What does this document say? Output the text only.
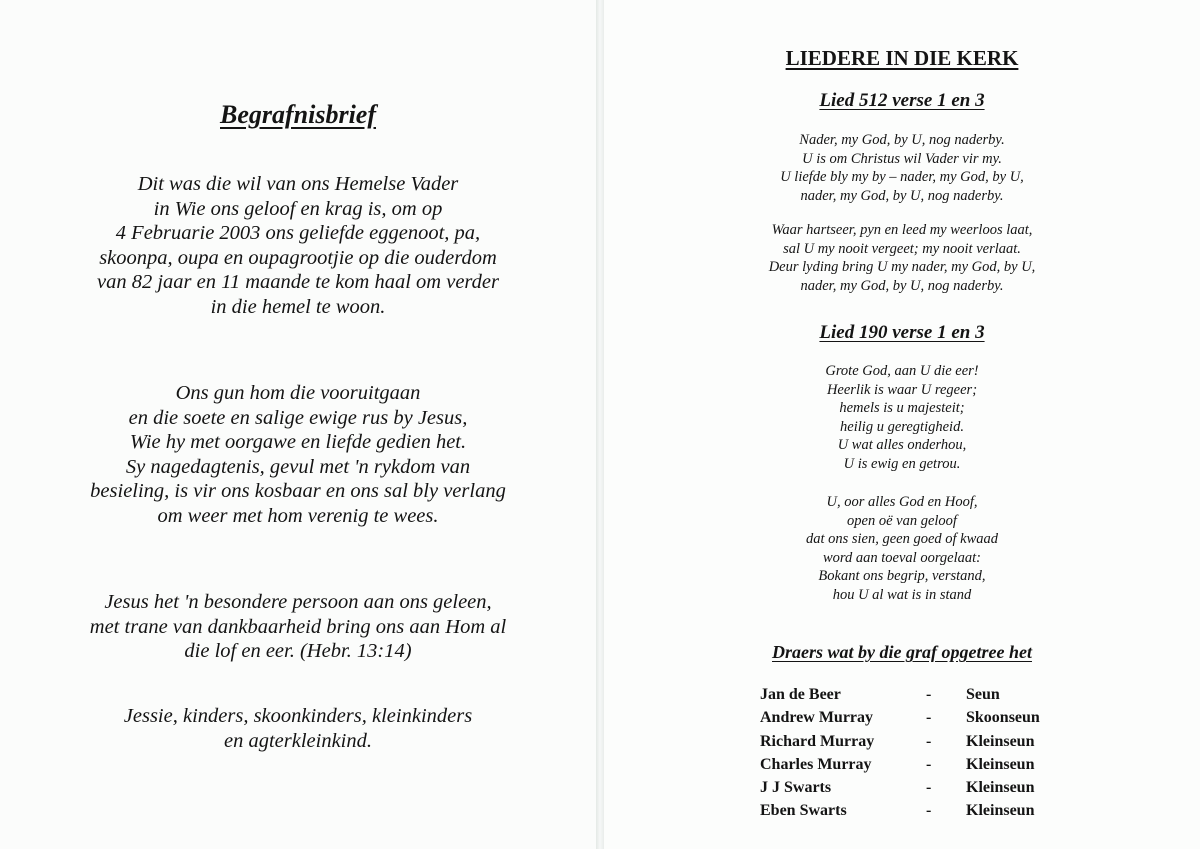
Begrafnisbrief

Dit was die wil van ons Hemelse Vader
in Wie ons geloof en krag is, om op
4 Februarie 2003 ons geliefde eggenoot, pa,
skoonpa, oupa en oupagrootjie op die ouderdom
van 82 jaar en 11 maande te kom haal om verder
in die hemel te woon.

Ons gun hom die vooruitgaan
en die soete en salige ewige rus by Jesus,
Wie hy met oorgawe en liefde gedien het.
Sy nagedagtenis, gevul met 'n rykdom van
besieling, is vir ons kosbaar en ons sal bly verlang
om weer met hom verenig te wees.

Jesus het 'n besondere persoon aan ons geleen,
met trane van dankbaarheid bring ons aan Hom al
die lof en eer. (Hebr. 13:14)

Jessie, kinders, skoonkinders, kleinkinders
en agterkleinkind.

LIEDERE IN DIE KERK
Lied 512 verse 1 en 3
Nader, my God, by U, nog naderby.
U is om Christus wil Vader vir my.
U liefde bly my by – nader, my God, by U,
nader, my God, by U, nog naderby.
Waar hartseer, pyn en leed my weerloos laat,
sal U my nooit vergeet; my nooit verlaat.
Deur lyding bring U my nader, my God, by U,
nader, my God, by U, nog naderby.
Lied 190 verse 1 en 3
Grote God, aan U die eer!
Heerlik is waar U regeer;
hemels is u majesteit;
heilig u geregtigheid.
U wat alles onderhou,
U is ewig en getrou.
U, oor alles God en Hoof,
open oë van geloof
dat ons sien, geen goed of kwaad
word aan toeval oorgelaat:
Bokant ons begrip, verstand,
hou U al wat is in stand
Draers wat by die graf opgetree het
Jan de Beer	- Seun
Andrew Murray	- Skoonseun
Richard Murray	- Kleinseun
Charles Murray	- Kleinseun
J J Swarts	- Kleinseun
Eben Swarts	- Kleinseun
